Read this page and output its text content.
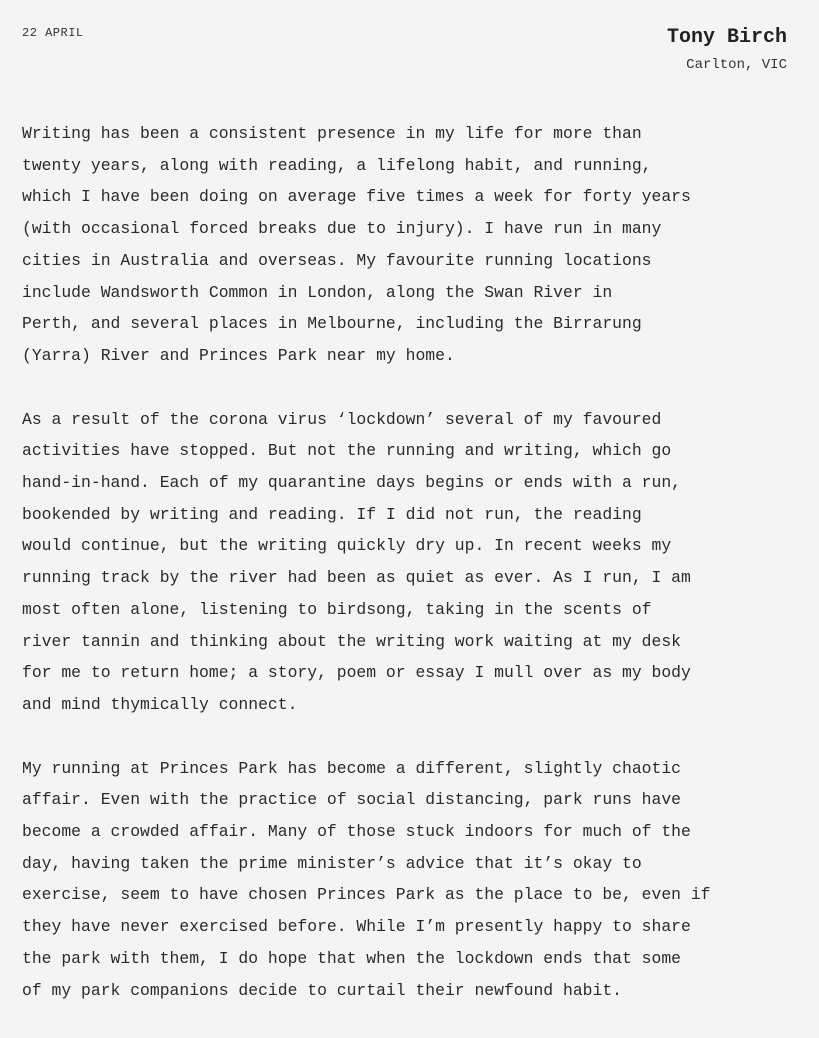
22 APRIL	Tony Birch
Carlton, VIC

Writing has been a consistent presence in my life for more than
twenty years, along with reading, a lifelong habit, and running,
which I have been doing on average five times a week for forty years
(with occasional forced breaks due to injury). I have run in many
cities in Australia and overseas. My favourite running locations
include Wandsworth Common in London, along the Swan River in
Perth, and several places in Melbourne, including the Birrarung
(Yarra) River and Princes Park near my home.

As a result of the corona virus ‘lockdown’ several of my favoured
activities have stopped. But not the running and writing, which go
hand-in-hand. Each of my quarantine days begins or ends with a run,
bookended by writing and reading. If I did not run, the reading
would continue, but the writing quickly dry up. In recent weeks my
running track by the river had been as quiet as ever. As I run, I am
most often alone, listening to birdsong, taking in the scents of
river tannin and thinking about the writing work waiting at my desk
for me to return home; a story, poem or essay I mull over as my body
and mind thymically connect.

My running at Princes Park has become a different, slightly chaotic
affair. Even with the practice of social distancing, park runs have
become a crowded affair. Many of those stuck indoors for much of the
day, having taken the prime minister’s advice that it’s okay to
exercise, seem to have chosen Princes Park as the place to be, even if
they have never exercised before. While I’m presently happy to share
the park with them, I do hope that when the lockdown ends that some
of my park companions decide to curtail their newfound habit.
